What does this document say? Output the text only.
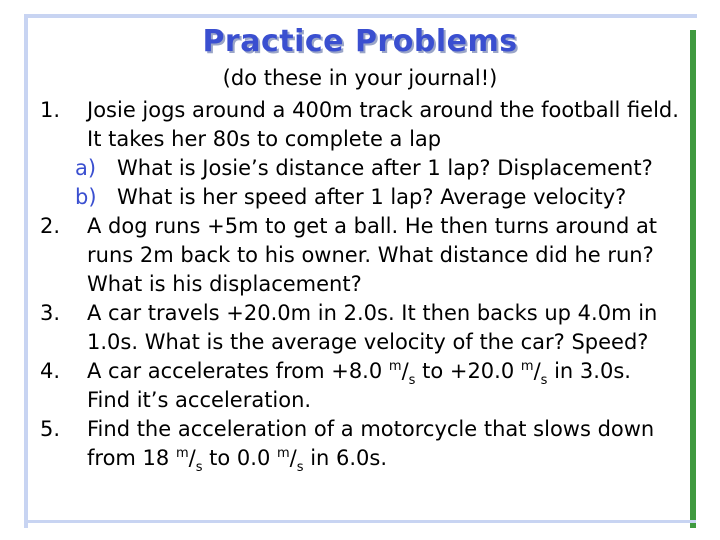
Practice Problems
(do these in your journal!)
1.	Josie jogs around a 400m track around the football field.
It takes her 80s to complete a lap
a) What is Josie’s distance after 1 lap? Displacement?
b) What is her speed after 1 lap? Average velocity?
2.	A dog runs +5m to get a ball. He then turns around at
runs 2m back to his owner. What distance did he run?
What is his displacement?
3.	A car travels +20.0m in 2.0s. It then backs up 4.0m in
1.0s. What is the average velocity of the car? Speed?
4.	A car accelerates from +8.0 $^m/_s$ to +20.0 $^m/_s$ in 3.0s.
Find it’s acceleration.
5.	Find the acceleration of a motorcycle that slows down
from 18 $^m/_s$ to 0.0 $^m/_s$ in 6.0s.
